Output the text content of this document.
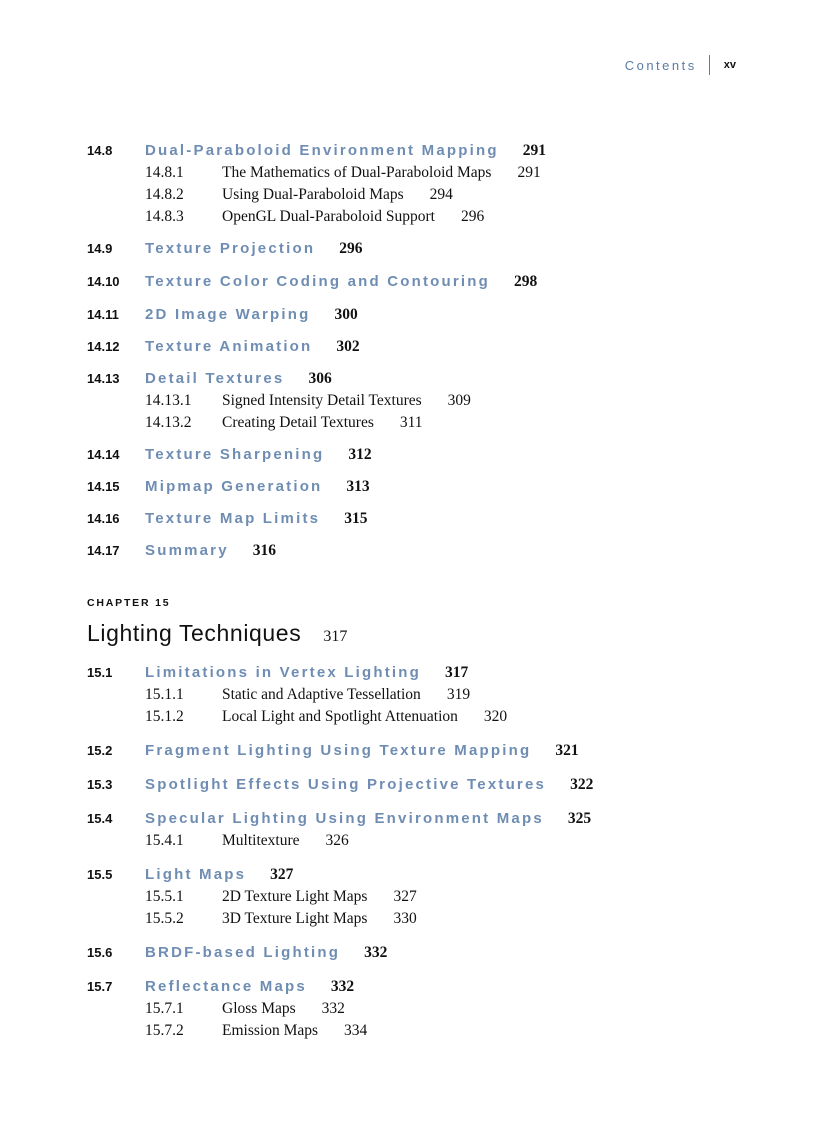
Contents	xv
14.8 Dual-Paraboloid Environment Mapping 291
14.8.1 The Mathematics of Dual-Paraboloid Maps 291
14.8.2 Using Dual-Paraboloid Maps 294
14.8.3 OpenGL Dual-Paraboloid Support 296
14.9 Texture Projection 296
14.10 Texture Color Coding and Contouring 298
14.11 2D Image Warping 300
14.12 Texture Animation 302
14.13 Detail Textures 306
14.13.1 Signed Intensity Detail Textures 309
14.13.2 Creating Detail Textures 311
14.14 Texture Sharpening 312
14.15 Mipmap Generation 313
14.16 Texture Map Limits 315
14.17 Summary 316
CHAPTER 15
Lighting Techniques 317
15.1 Limitations in Vertex Lighting 317
15.1.1 Static and Adaptive Tessellation 319
15.1.2 Local Light and Spotlight Attenuation 320
15.2 Fragment Lighting Using Texture Mapping 321
15.3 Spotlight Effects Using Projective Textures 322
15.4 Specular Lighting Using Environment Maps 325
15.4.1 Multitexture 326
15.5 Light Maps 327
15.5.1 2D Texture Light Maps 327
15.5.2 3D Texture Light Maps 330
15.6 BRDF-based Lighting 332
15.7 Reflectance Maps 332
15.7.1 Gloss Maps 332
15.7.2 Emission Maps 334
